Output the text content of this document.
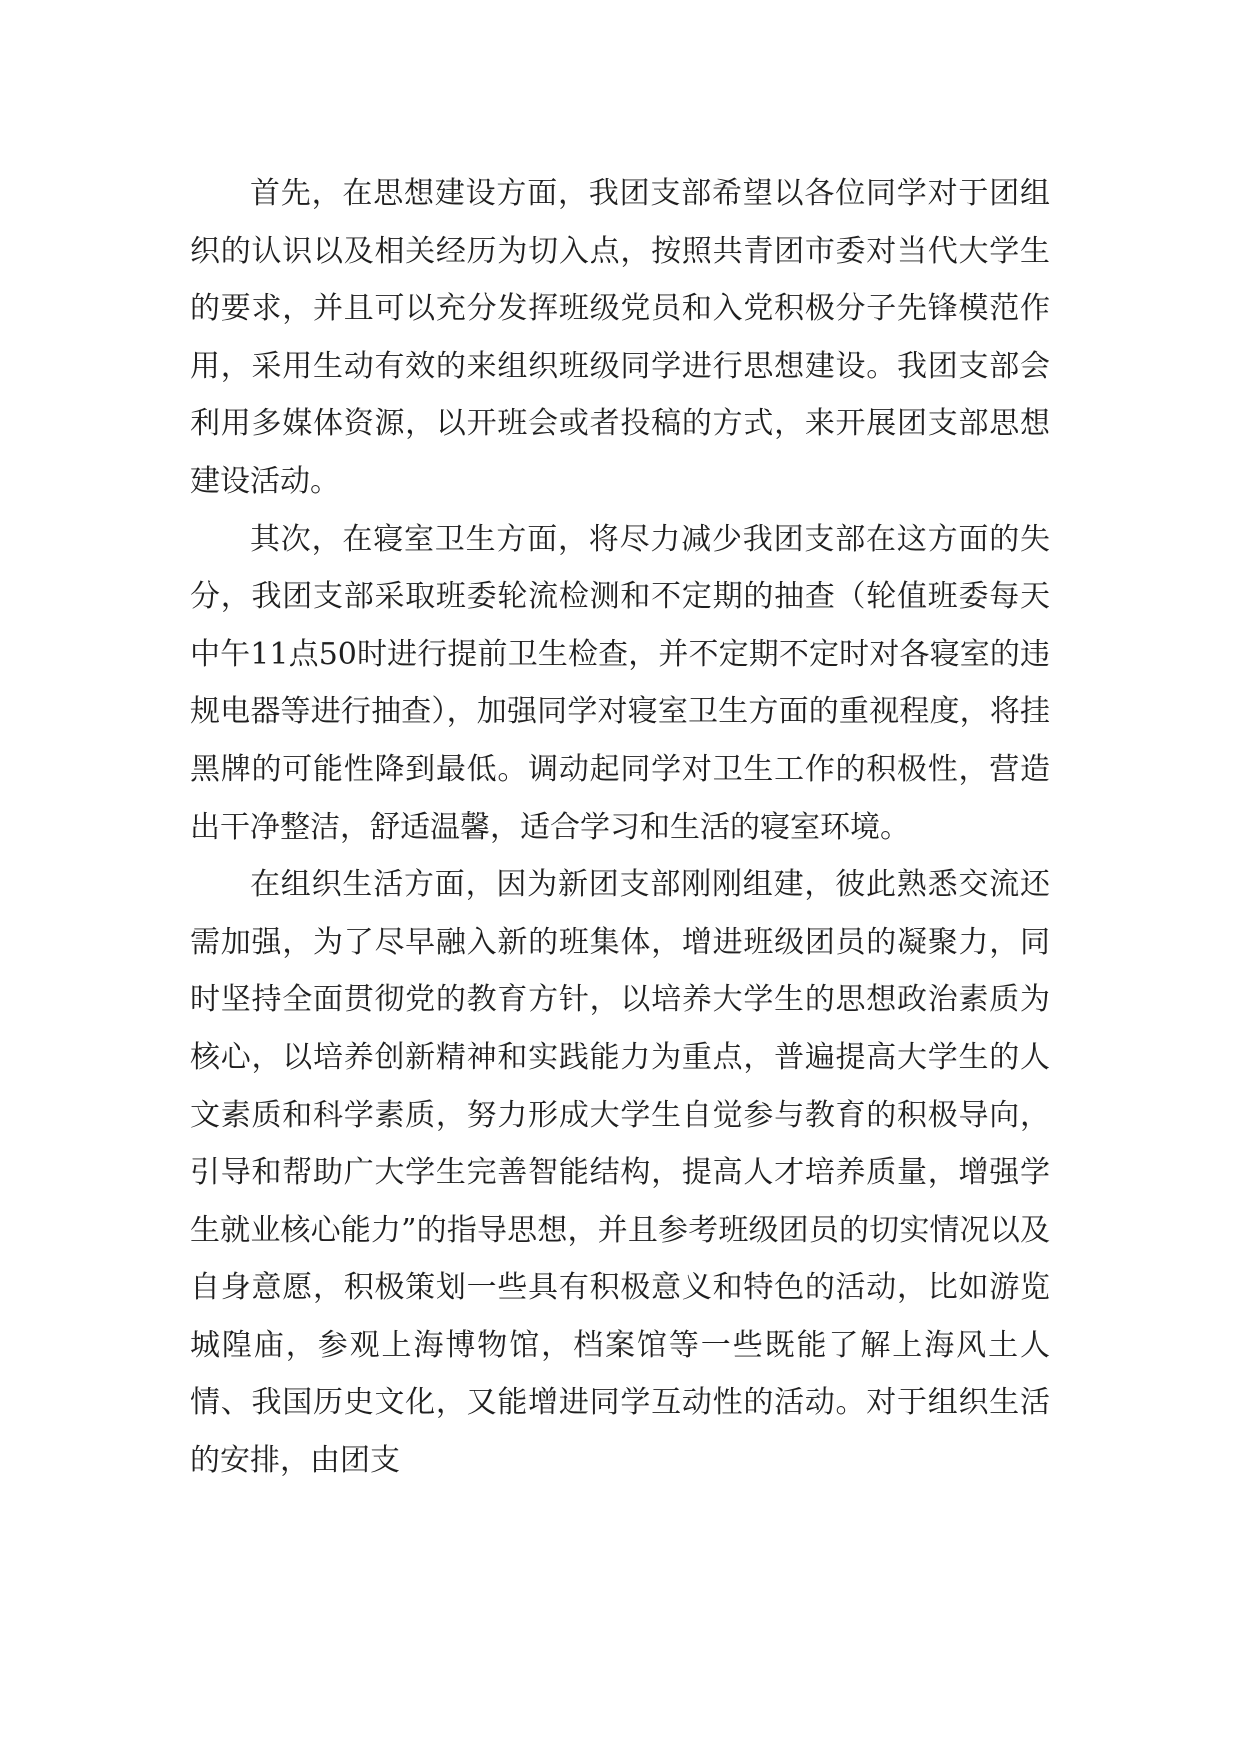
首先，在思想建设方面，我团支部希望以各位同学对于团组织的认识以及相关经历为切入点，按照共青团市委对当代大学生的要求，并且可以充分发挥班级党员和入党积极分子先锋模范作用，采用生动有效的来组织班级同学进行思想建设。我团支部会利用多媒体资源，以开班会或者投稿的方式，来开展团支部思想建设活动。

其次，在寝室卫生方面，将尽力减少我团支部在这方面的失分，我团支部采取班委轮流检测和不定期的抽查（轮值班委每天中午11点50时进行提前卫生检查，并不定期不定时对各寝室的违规电器等进行抽查），加强同学对寝室卫生方面的重视程度，将挂黑牌的可能性降到最低。调动起同学对卫生工作的积极性，营造出干净整洁，舒适温馨，适合学习和生活的寝室环境。

在组织生活方面，因为新团支部刚刚组建，彼此熟悉交流还需加强，为了尽早融入新的班集体，增进班级团员的凝聚力，同时坚持全面贯彻党的教育方针，以培养大学生的思想政治素质为核心，以培养创新精神和实践能力为重点，普遍提高大学生的人文素质和科学素质，努力形成大学生自觉参与教育的积极导向，引导和帮助广大学生完善智能结构，提高人才培养质量，增强学生就业核心能力”的指导思想，并且参考班级团员的切实情况以及自身意愿，积极策划一些具有积极意义和特色的活动，比如游览城隍庙，参观上海博物馆，档案馆等一些既能了解上海风土人情、我国历史文化，又能增进同学互动性的活动。对于组织生活的安排，由团支
